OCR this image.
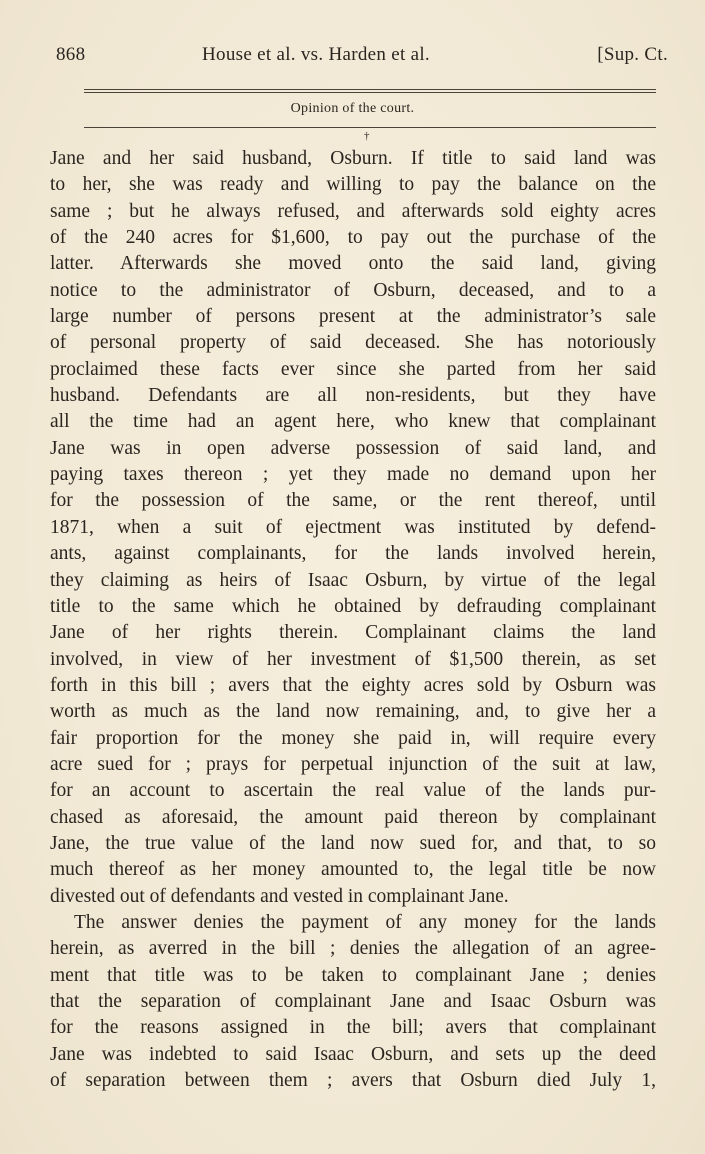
868	House et al. vs. Harden et al.	[Sup. Ct.
Opinion of the court.
†
Jane and her said husband, Osburn. If title to said land was
to her, she was ready and willing to pay the balance on the
same ; but he always refused, and afterwards sold eighty acres
of the 240 acres for $1,600, to pay out the purchase of the
latter. Afterwards she moved onto the said land, giving
notice to the administrator of Osburn, deceased, and to a
large number of persons present at the administrator’s sale
of personal property of said deceased. She has notoriously
proclaimed these facts ever since she parted from her said
husband. Defendants are all non-residents, but they have
all the time had an agent here, who knew that complainant
Jane was in open adverse possession of said land, and
paying taxes thereon ; yet they made no demand upon her
for the possession of the same, or the rent thereof, until
1871, when a suit of ejectment was instituted by defend-
ants, against complainants, for the lands involved herein,
they claiming as heirs of Isaac Osburn, by virtue of the legal
title to the same which he obtained by defrauding complainant
Jane of her rights therein. Complainant claims the land
involved, in view of her investment of $1,500 therein, as set
forth in this bill ; avers that the eighty acres sold by Osburn was
worth as much as the land now remaining, and, to give her a
fair proportion for the money she paid in, will require every
acre sued for ; prays for perpetual injunction of the suit at law,
for an account to ascertain the real value of the lands pur-
chased as aforesaid, the amount paid thereon by complainant
Jane, the true value of the land now sued for, and that, to so
much thereof as her money amounted to, the legal title be now
divested out of defendants and vested in complainant Jane.
The answer denies the payment of any money for the lands
herein, as averred in the bill ; denies the allegation of an agree-
ment that title was to be taken to complainant Jane ; denies
that the separation of complainant Jane and Isaac Osburn was
for the reasons assigned in the bill; avers that complainant
Jane was indebted to said Isaac Osburn, and sets up the deed
of separation between them ; avers that Osburn died July 1,
